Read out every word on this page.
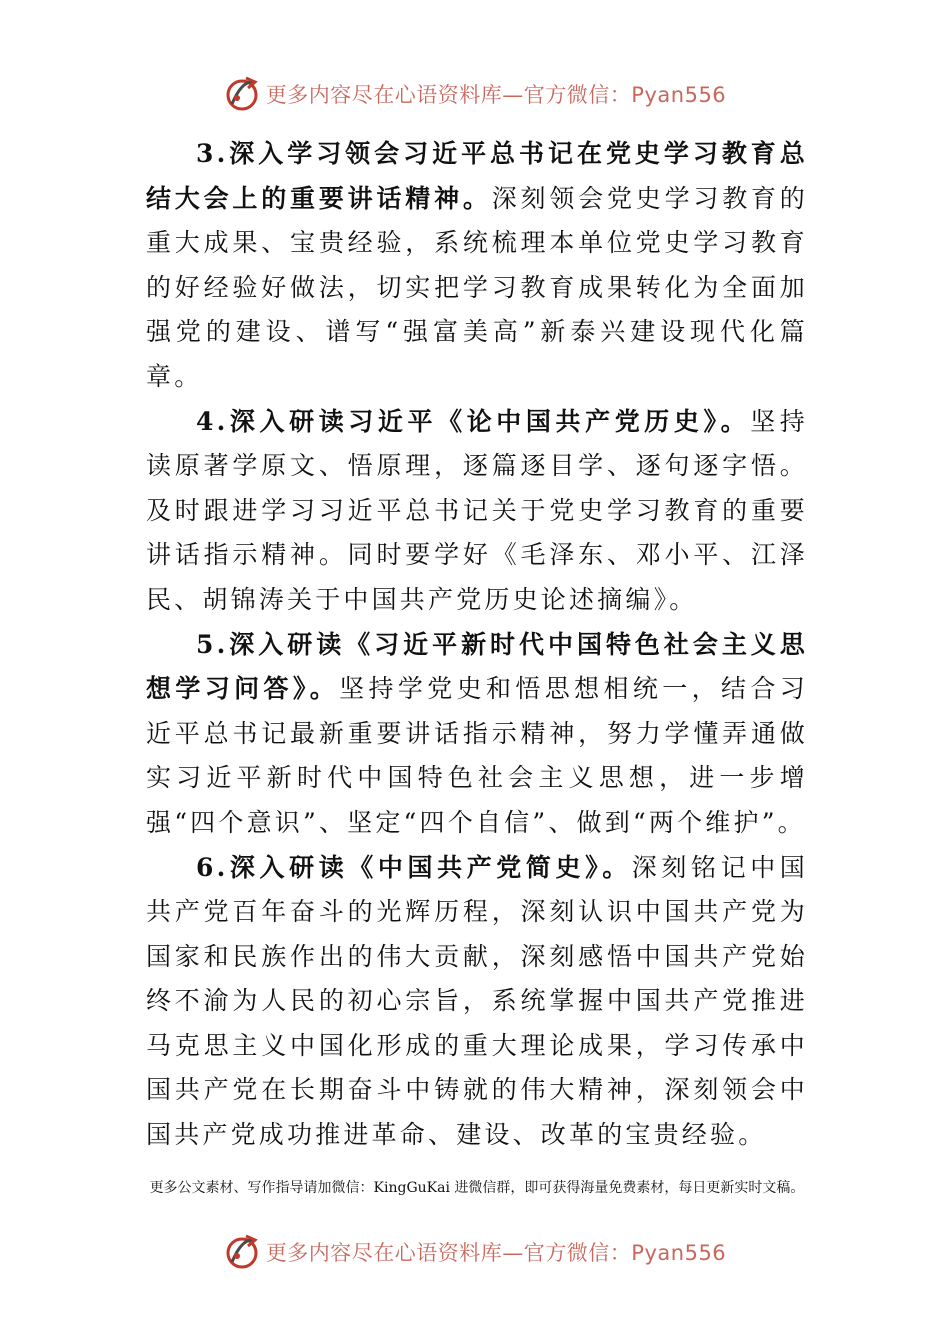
更多内容尽在心语资料库—官方微信：Pyan556

3.深入学习领会习近平总书记在党史学习教育总结大会上的重要讲话精神。深刻领会党史学习教育的重大成果、宝贵经验，系统梳理本单位党史学习教育的好经验好做法，切实把学习教育成果转化为全面加强党的建设、谱写“强富美高”新泰兴建设现代化篇章。

4.深入研读习近平《论中国共产党历史》。坚持读原著学原文、悟原理，逐篇逐目学、逐句逐字悟。及时跟进学习习近平总书记关于党史学习教育的重要讲话指示精神。同时要学好《毛泽东、邓小平、江泽民、胡锦涛关于中国共产党历史论述摘编》。

5.深入研读《习近平新时代中国特色社会主义思想学习问答》。坚持学党史和悟思想相统一，结合习近平总书记最新重要讲话指示精神，努力学懂弄通做实习近平新时代中国特色社会主义思想，进一步增强“四个意识”、坚定“四个自信”、做到“两个维护”。

6.深入研读《中国共产党简史》。深刻铭记中国共产党百年奋斗的光辉历程，深刻认识中国共产党为国家和民族作出的伟大贡献，深刻感悟中国共产党始终不渝为人民的初心宗旨，系统掌握中国共产党推进马克思主义中国化形成的重大理论成果，学习传承中国共产党在长期奋斗中铸就的伟大精神，深刻领会中国共产党成功推进革命、建设、改革的宝贵经验。

更多公文素材、写作指导请加微信：KingGuKai 进微信群，即可获得海量免费素材，每日更新实时文稿。
更多内容尽在心语资料库—官方微信：Pyan556
